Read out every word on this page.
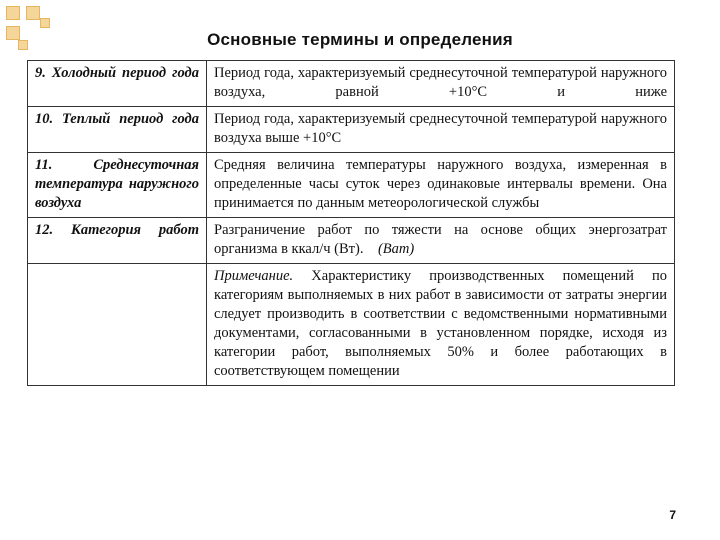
Основные термины и определения
9. Холодный период года	Период года, характеризуемый среднесуточной температурой наружного воздуха, равной +10°С и ниже
10. Теплый период года	Период года, характеризуемый среднесуточной температурой наружного воздуха выше +10°С
11. Среднесуточная температура наружного воздуха	Средняя величина температуры наружного воздуха, измеренная в определенные часы суток через одинаковые интервалы времени. Она принимается по данным метеорологической службы
12. Категория работ	Разграничение работ по тяжести на основе общих энергозатрат организма в ккал/ч (Вт). (Ват)
	Примечание. Характеристику производственных помещений по категориям выполняемых в них работ в зависимости от затраты энергии следует производить в соответствии с ведомственными нормативными документами, согласованными в установленном порядке, исходя из категории работ, выполняемых 50% и более работающих в соответствующем помещении
7
